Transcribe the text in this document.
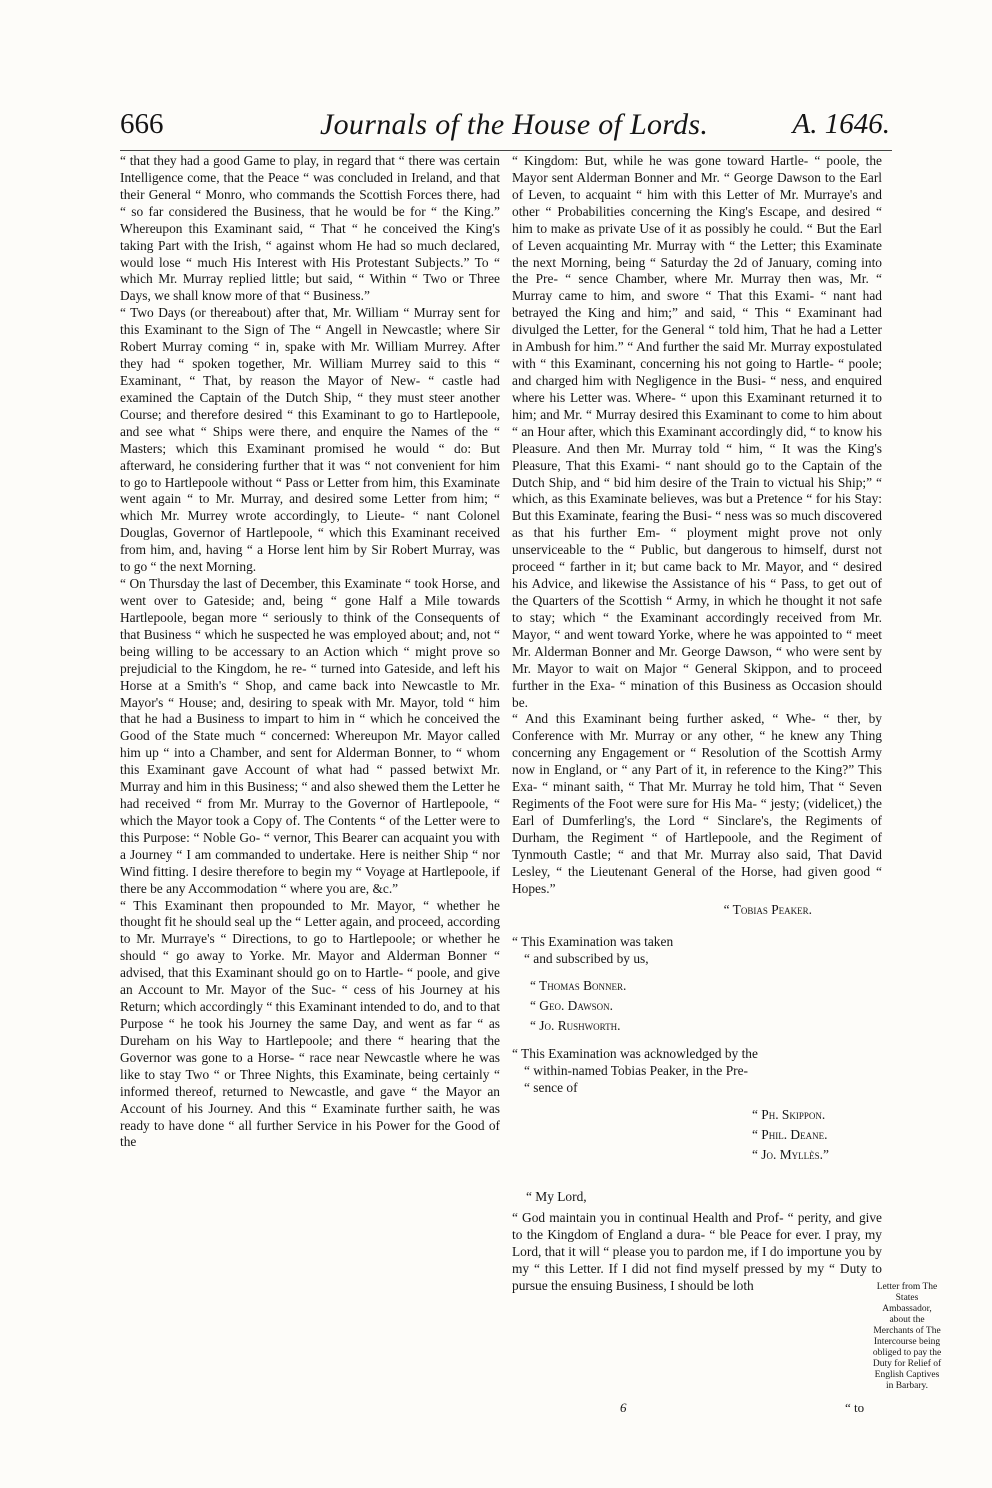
666	Journals of the House of Lords.	A. 1646.

“ that they had a good Game to play, in regard that “ there was certain Intelligence come, that the Peace “ was concluded in Ireland, and that their General “ Monro, who commands the Scottish Forces there, had “ so far considered the Business, that he would be for “ the King.” Whereupon this Examinant said, “ That “ he conceived the King's taking Part with the Irish, “ against whom He had so much declared, would lose “ much His Interest with His Protestant Subjects.” To “ which Mr. Murray replied little; but said, “ Within “ Two or Three Days, we shall know more of that “ Business.”

“ Two Days (or thereabout) after that, Mr. William “ Murray sent for this Examinant to the Sign of The “ Angell in Newcastle; where Sir Robert Murray coming “ in, spake with Mr. William Murrey. After they had “ spoken together, Mr. William Murrey said to this “ Examinant, “ That, by reason the Mayor of New- “ castle had examined the Captain of the Dutch Ship, “ they must steer another Course; and therefore desired “ this Examinant to go to Hartlepoole, and see what “ Ships were there, and enquire the Names of the “ Masters; which this Examinant promised he would “ do: But afterward, he considering further that it was “ not convenient for him to go to Hartlepoole without “ Pass or Letter from him, this Examinate went again “ to Mr. Murray, and desired some Letter from him; “ which Mr. Murrey wrote accordingly, to Lieute- “ nant Colonel Douglas, Governor of Hartlepoole, “ which this Examinant received from him, and, having “ a Horse lent him by Sir Robert Murray, was to go “ the next Morning.

“ On Thursday the last of December, this Examinate “ took Horse, and went over to Gateside; and, being “ gone Half a Mile towards Hartlepoole, began more “ seriously to think of the Consequents of that Business “ which he suspected he was employed about; and, not “ being willing to be accessary to an Action which “ might prove so prejudicial to the Kingdom, he re- “ turned into Gateside, and left his Horse at a Smith's “ Shop, and came back into Newcastle to Mr. Mayor's “ House; and, desiring to speak with Mr. Mayor, told “ him that he had a Business to impart to him in “ which he conceived the Good of the State much “ concerned: Whereupon Mr. Mayor called him up “ into a Chamber, and sent for Alderman Bonner, to “ whom this Examinant gave Account of what had “ passed betwixt Mr. Murray and him in this Business; “ and also shewed them the Letter he had received “ from Mr. Murray to the Governor of Hartlepoole, “ which the Mayor took a Copy of. The Contents “ of the Letter were to this Purpose: “ Noble Go- “ vernor, This Bearer can acquaint you with a Journey “ I am commanded to undertake. Here is neither Ship “ nor Wind fitting. I desire therefore to begin my “ Voyage at Hartlepoole, if there be any Accommodation “ where you are, &c.”

“ This Examinant then propounded to Mr. Mayor, “ whether he thought fit he should seal up the “ Letter again, and proceed, according to Mr. Murraye's “ Directions, to go to Hartlepoole; or whether he should “ go away to Yorke. Mr. Mayor and Alderman Bonner “ advised, that this Examinant should go on to Hartle- “ poole, and give an Account to Mr. Mayor of the Suc- “ cess of his Journey at his Return; which accordingly “ this Examinant intended to do, and to that Purpose “ he took his Journey the same Day, and went as far “ as Dureham on his Way to Hartlepoole; and there “ hearing that the Governor was gone to a Horse- “ race near Newcastle where he was like to stay Two “ or Three Nights, this Examinate, being certainly “ informed thereof, returned to Newcastle, and gave “ the Mayor an Account of his Journey. And this “ Examinate further saith, he was ready to have done “ all further Service in his Power for the Good of the

“ Kingdom: But, while he was gone toward Hartle- “ poole, the Mayor sent Alderman Bonner and Mr. “ George Dawson to the Earl of Leven, to acquaint “ him with this Letter of Mr. Murraye's and other “ Probabilities concerning the King's Escape, and desired “ him to make as private Use of it as possibly he could. “ But the Earl of Leven acquainting Mr. Murray with “ the Letter; this Examinate the next Morning, being “ Saturday the 2d of January, coming into the Pre- “ sence Chamber, where Mr. Murray then was, Mr. “ Murray came to him, and swore “ That this Exami- “ nant had betrayed the King and him;” and said, “ This “ Examinant had divulged the Letter, for the General “ told him, That he had a Letter in Ambush for him.” “ And further the said Mr. Murray expostulated with “ this Examinant, concerning his not going to Hartle- “ poole; and charged him with Negligence in the Busi- “ ness, and enquired where his Letter was. Where- “ upon this Examinant returned it to him; and Mr. “ Murray desired this Examinant to come to him about “ an Hour after, which this Examinant accordingly did, “ to know his Pleasure. And then Mr. Murray told “ him, “ It was the King's Pleasure, That this Exami- “ nant should go to the Captain of the Dutch Ship, and “ bid him desire of the Train to victual his Ship;” “ which, as this Examinate believes, was but a Pretence “ for his Stay: But this Examinate, fearing the Busi- “ ness was so much discovered as that his further Em- “ ployment might prove not only unserviceable to the “ Public, but dangerous to himself, durst not proceed “ farther in it; but came back to Mr. Mayor, and “ desired his Advice, and likewise the Assistance of his “ Pass, to get out of the Quarters of the Scottish “ Army, in which he thought it not safe to stay; which “ the Examinant accordingly received from Mr. Mayor, “ and went toward Yorke, where he was appointed to “ meet Mr. Alderman Bonner and Mr. George Dawson, “ who were sent by Mr. Mayor to wait on Major “ General Skippon, and to proceed further in the Exa- “ mination of this Business as Occasion should be.

“ And this Examinant being further asked, “ Whe- “ ther, by Conference with Mr. Murray or any other, “ he knew any Thing concerning any Engagement or “ Resolution of the Scottish Army now in England, or “ any Part of it, in reference to the King?” This Exa- “ minant saith, “ That Mr. Murray he told him, That “ Seven Regiments of the Foot were sure for His Ma- “ jesty; (videlicet,) the Earl of Dumferling's, the Lord “ Sinclare's, the Regiments of Durham, the Regiment “ of Hartlepoole, and the Regiment of Tynmouth Castle; “ and that Mr. Murray also said, That David Lesley, “ the Lieutenant General of the Horse, had given good “ Hopes.”

“ Tobias Peaker.
“ This Examination was taken
“ and subscribed by us,
“ Thomas Bonner.
“ Geo. Dawson.
“ Jo. Rushworth.
“ This Examination was acknowledged by the
“ within-named Tobias Peaker, in the Pre-
“ sence of
“ Ph. Skippon.
“ Phil. Deane.
“ Jo. Myllès.”
“ My Lord,

“ God maintain you in continual Health and Prof- “ perity, and give to the Kingdom of England a dura- “ ble Peace for ever. I pray, my Lord, that it will “ please you to pardon me, if I do importune you by my “ this Letter. If I did not find myself pressed by my “ Duty to pursue the ensuing Business, I should be loth	Letter from The States Ambassador, about the Merchants of The Intercourse being obliged to pay the Duty for Relief of English Captives in Barbary.
6	“ to
